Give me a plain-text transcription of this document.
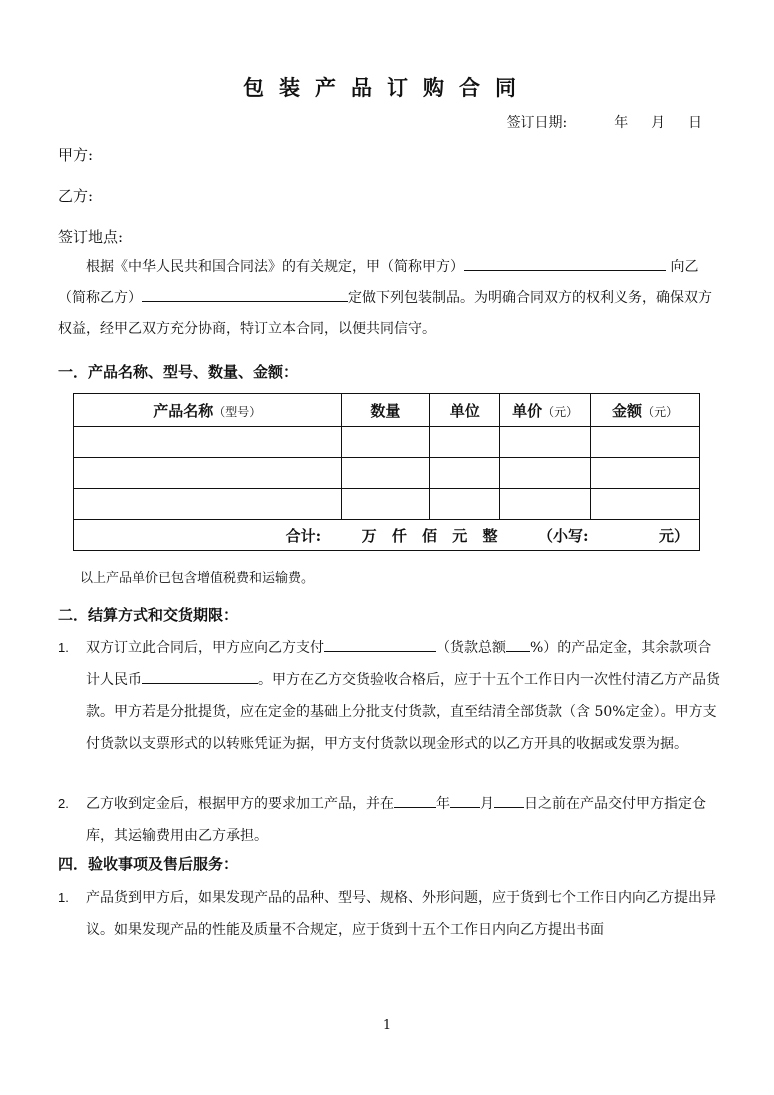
包装产品订购合同
签订日期:	年 月 日
甲方:
乙方:
签订地点:
根据《中华人民共和国合同法》的有关规定，甲（简称甲方）	向乙（简称乙方）	定做下列包装制品。为明确合同双方的权利义务，确保双方权益，经甲乙双方充分协商，特订立本合同，以便共同信守。
一．产品名称、型号、数量、金额：
产品名称（型号）	数量	单位	单价（元）	金额（元）

合计: 万 仟 佰 元 整 （小写: 元）				
以上产品单价已包含增值税费和运输费。
二．结算方式和交货期限：
1. 双方订立此合同后，甲方应向乙方支付	（货款总额 %）的产品定金，其余款项合计人民币	。甲方在乙方交货验收合格后，应于十五个工作日内一次性付清乙方产品货款。甲方若是分批提货，应在定金的基础上分批支付货款，直至结清全部货款（含 50%定金）。甲方支付货款以支票形式的以转账凭证为据，甲方支付货款以现金形式的以乙方开具的收据或发票为据。
2. 乙方收到定金后，根据甲方的要求加工产品，并在	年 月 日之前在产品交付甲方指定仓库，其运输费用由乙方承担。
四．验收事项及售后服务：
1. 产品货到甲方后，如果发现产品的品种、型号、规格、外形问题，应于货到七个工作日内向乙方提出异议。如果发现产品的性能及质量不合规定，应于货到十五个工作日内向乙方提出书面
1
